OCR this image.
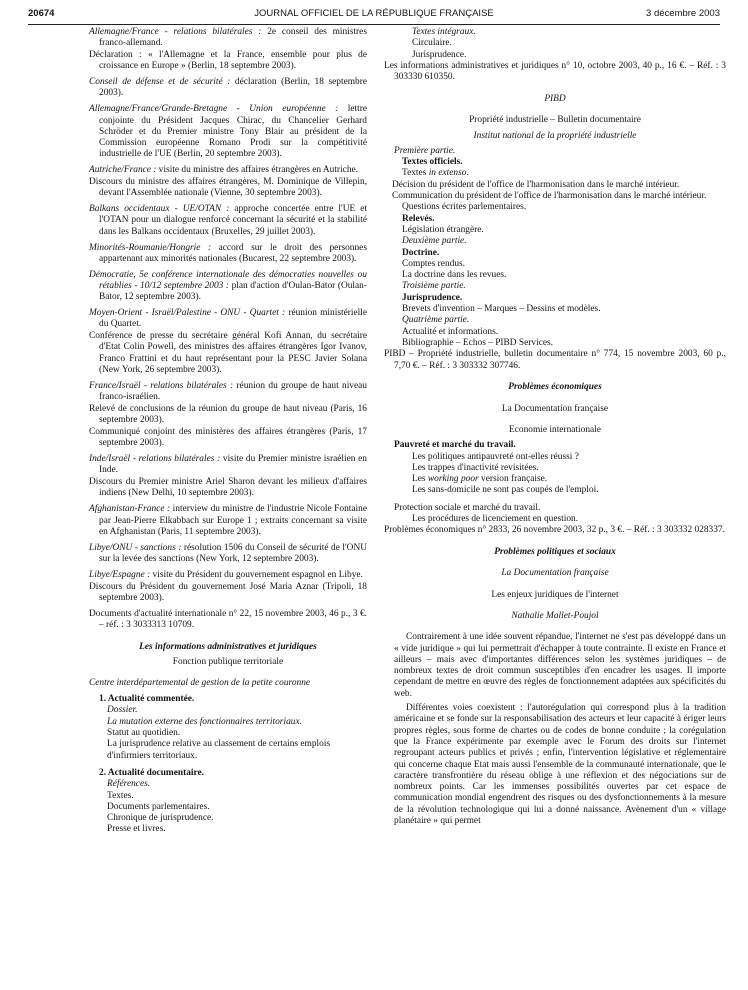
20674	JOURNAL OFFICIEL DE LA RÉPUBLIQUE FRANÇAISE	3 décembre 2003

Allemagne/France - relations bilatérales : 2e conseil des ministres franco-allemand.

Déclaration : « l'Allemagne et la France, ensemble pour plus de croissance en Europe » (Berlin, 18 septembre 2003).

Conseil de défense et de sécurité : déclaration (Berlin, 18 septembre 2003).

Allemagne/France/Grande-Bretagne - Union européenne : lettre conjointe du Président Jacques Chirac, du Chancelier Gerhard Schröder et du Premier ministre Tony Blair au président de la Commission européenne Romano Prodi sur la compétitivité industrielle de l'UE (Berlin, 20 septembre 2003).

Autriche/France : visite du ministre des affaires étrangères en Autriche.

Discours du ministre des affaires étrangères, M. Dominique de Villepin, devant l'Assemblée nationale (Vienne, 30 septembre 2003).

Balkans occidentaux - UE/OTAN : approche concertée entre l'UE et l'OTAN pour un dialogue renforcé concernant la sécurité et la stabilité dans les Balkans occidentaux (Bruxelles, 29 juillet 2003).

Minorités-Roumanie/Hongrie : accord sur le droit des personnes appartenant aux minorités nationales (Bucarest, 22 septembre 2003).

Démocratie, 5e conférence internationale des démocraties nouvelles ou rétablies - 10/12 septembre 2003 : plan d'action d'Oulan-Bator (Oulan-Bator, 12 septembre 2003).

Moyen-Orient - Israël/Palestine - ONU - Quartet : réunion ministérielle du Quartet.

Conférence de presse du secrétaire général Kofi Annan, du secrétaire d'Etat Colin Powell, des ministres des affaires étrangères Igor Ivanov, Franco Frattini et du haut représentant pour la PESC Javier Solana (New York, 26 septembre 2003).

France/Israël - relations bilatérales : réunion du groupe de haut niveau franco-israélien.

Relevé de conclusions de la réunion du groupe de haut niveau (Paris, 16 septembre 2003).

Communiqué conjoint des ministères des affaires étrangères (Paris, 17 septembre 2003).

Inde/Israël - relations bilatérales : visite du Premier ministre israélien en Inde.

Discours du Premier ministre Ariel Sharon devant les milieux d'affaires indiens (New Delhi, 10 septembre 2003).

Afghanistan-France : interview du ministre de l'industrie Nicole Fontaine par Jean-Pierre Elkabbach sur Europe 1 ; extraits concernant sa visite en Afghanistan (Paris, 11 septembre 2003).

Libye/ONU - sanctions : résolution 1506 du Conseil de sécurité de l'ONU sur la levée des sanctions (New York, 12 septembre 2003).

Libye/Espagne : visite du Président du gouvernement espagnol en Libye.

Discours du Président du gouvernement José Maria Aznar (Tripoli, 18 septembre 2003).

Documents d'actualité internationale n° 22, 15 novembre 2003, 46 p., 3 €. – réf. : 3 3033313 10709.

Les informations administratives et juridiques

Fonction publique territoriale

Centre interdépartemental de gestion de la petite couronne

1. Actualité commentée.

Dossier.

La mutation externe des fonctionnaires territoriaux.

Statut au quotidien.

La jurisprudence relative au classement de certains emplois d'infirmiers territoriaux.

2. Actualité documentaire.

Références.

Textes.

Documents parlementaires.

Chronique de jurisprudence.

Presse et livres.

Textes intégraux.

Circulaire.

Jurisprudence.

Les informations administratives et juridiques n° 10, octobre 2003, 40 p., 16 €. – Réf. : 3 303330 610350.

PIBD

Propriété industrielle – Bulletin documentaire

Institut national de la propriété industrielle

Première partie.

Textes officiels.

Textes in extenso.

Décision du président de l'office de l'harmonisation dans le marché intérieur.

Communication du président de l'office de l'harmonisation dans le marché intérieur.

Questions écrites parlementaires.

Relevés.

Législation étrangère.

Deuxième partie.

Doctrine.

Comptes rendus.

La doctrine dans les revues.

Troisième partie.

Jurisprudence.

Brevets d'invention – Marques – Dessins et modèles.

Quatrième partie.

Actualité et informations.

Bibliographie – Echos – PIBD Services.

PIBD – Propriété industrielle, bulletin documentaire n° 774, 15 novembre 2003, 60 p., 7,70 €. – Réf. : 3 303332 307746.

Problèmes économiques

La Documentation française

Economie internationale

Pauvreté et marché du travail.

Les politiques antipauvreté ont-elles réussi ?

Les trappes d'inactivité revisitées.

Les working poor version française.

Les sans-domicile ne sont pas coupés de l'emploi.

Protection sociale et marché du travail.

Les procédures de licenciement en question.

Problèmes économiques n° 2833, 26 novembre 2003, 32 p., 3 €. – Réf. : 3 303332 028337.

Problèmes politiques et sociaux

La Documentation française

Les enjeux juridiques de l'internet

Nathalie Mallet-Poujol

Contrairement à une idée souvent répandue, l'internet ne s'est pas développé dans un « vide juridique » qui lui permettrait d'échapper à toute contrainte. Il existe en France et ailleurs – mais avec d'importantes différences selon les systèmes juridiques – de nombreux textes de droit commun susceptibles d'en encadrer les usages. Il importe cependant de mettre en œuvre des règles de fonctionnement adaptées aux spécificités du web.

Différentes voies coexistent : l'autorégulation qui correspond plus à la tradition américaine et se fonde sur la responsabilisation des acteurs et leur capacité à ériger leurs propres règles, sous forme de chartes ou de codes de bonne conduite ; la corégulation que la France expérimente par exemple avec le Forum des droits sur l'internet regroupant acteurs publics et privés ; enfin, l'intervention législative et réglementaire qui concerne chaque Etat mais aussi l'ensemble de la communauté internationale, que le caractère transfrontière du réseau oblige à une réflexion et des négociations sur de nombreux points. Car les immenses possibilités ouvertes par cet espace de communication mondial engendrent des risques ou des dysfonctionnements à la mesure de la révolution technologique qui lui a donné naissance. Avènement d'un « village planétaire » qui permet
